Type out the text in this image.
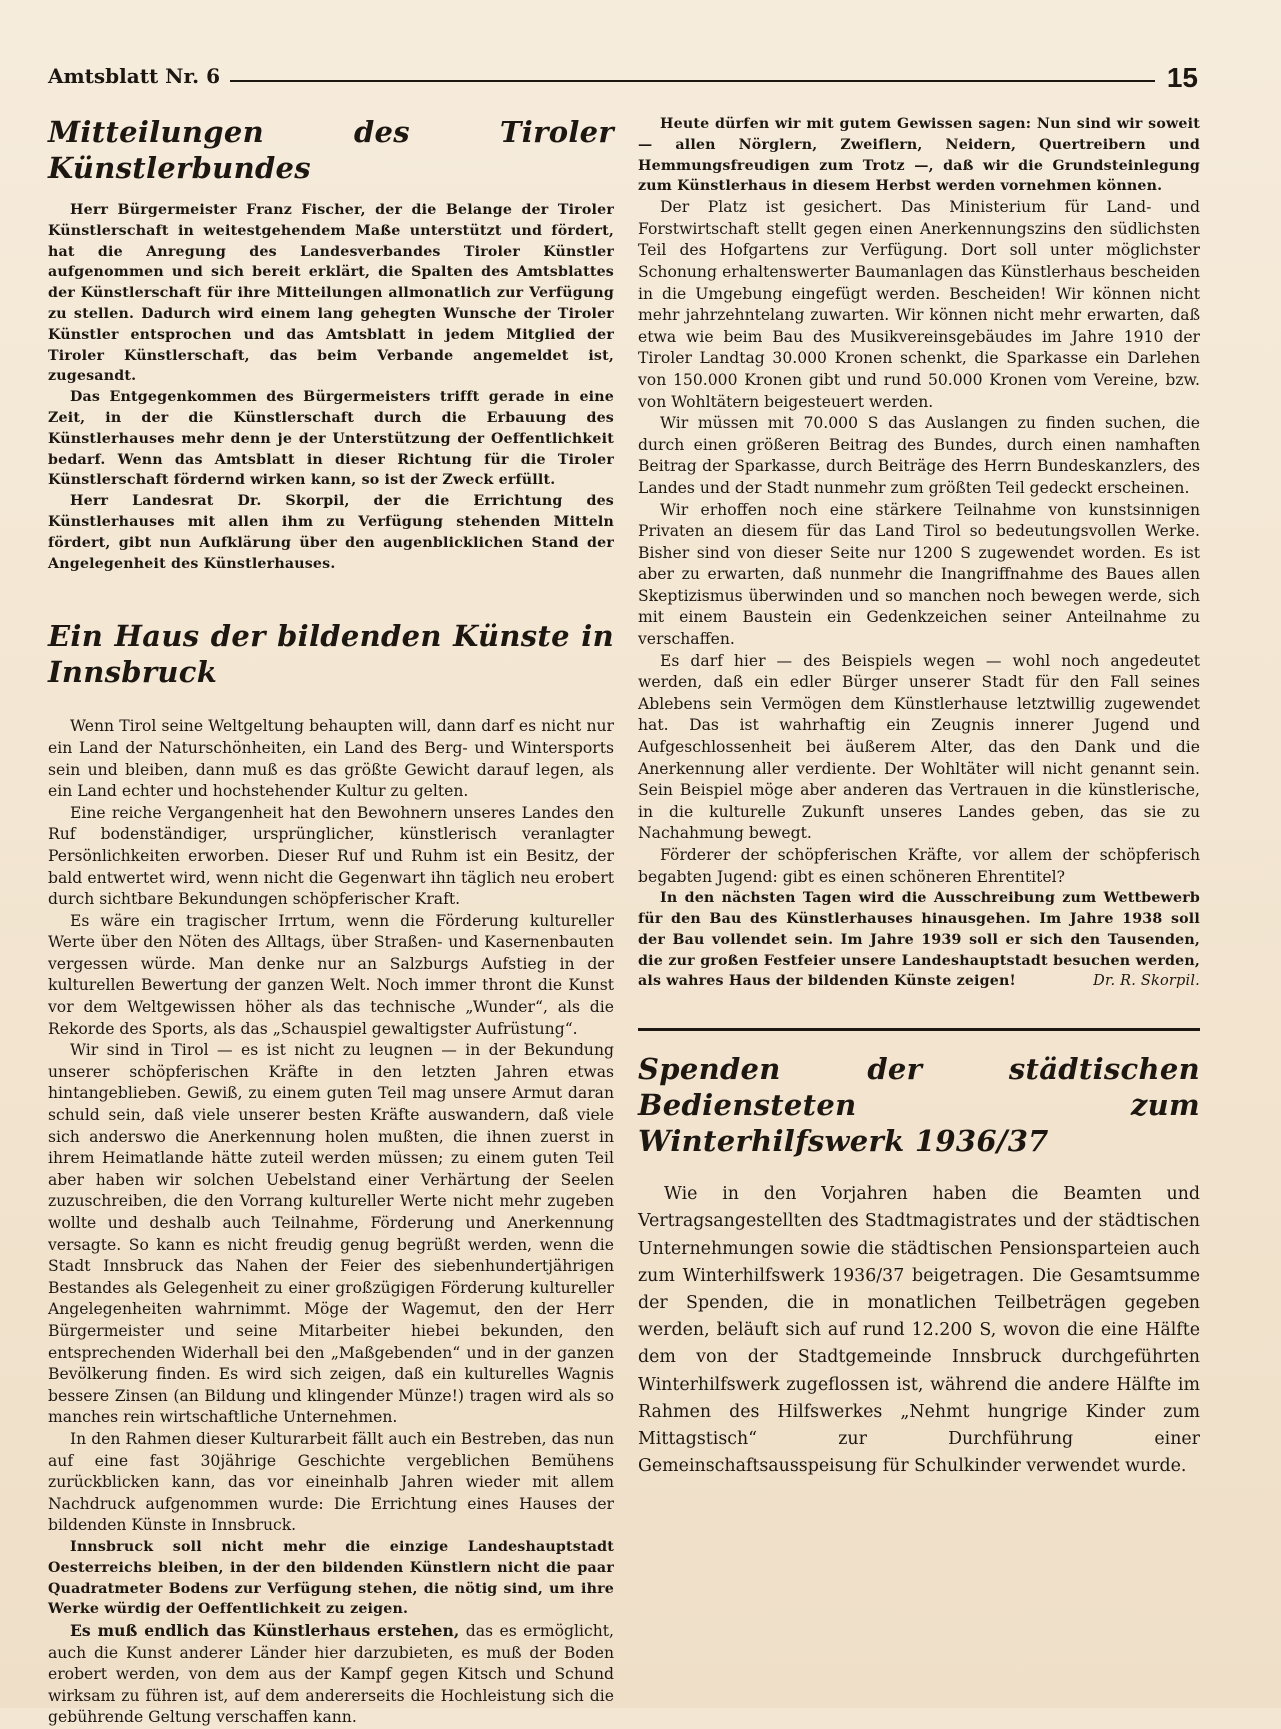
Amtsblatt Nr. 6	15
Mitteilungen des Tiroler Künstlerbundes

Herr Bürgermeister Franz Fischer, der die Belange der Tiroler Künstlerschaft in weitestgehendem Maße unterstützt und fördert, hat die Anregung des Landesverbandes Tiroler Künstler aufgenommen und sich bereit erklärt, die Spalten des Amtsblattes der Künstlerschaft für ihre Mitteilungen allmonatlich zur Verfügung zu stellen. Dadurch wird einem lang gehegten Wunsche der Tiroler Künstler entsprochen und das Amtsblatt in jedem Mitglied der Tiroler Künstlerschaft, das beim Verbande angemeldet ist, zugesandt.

Das Entgegenkommen des Bürgermeisters trifft gerade in eine Zeit, in der die Künstlerschaft durch die Erbauung des Künstlerhauses mehr denn je der Unterstützung der Oeffentlichkeit bedarf. Wenn das Amtsblatt in dieser Richtung für die Tiroler Künstlerschaft fördernd wirken kann, so ist der Zweck erfüllt.

Herr Landesrat Dr. Skorpil, der die Errichtung des Künstlerhauses mit allen ihm zu Verfügung stehenden Mitteln fördert, gibt nun Aufklärung über den augenblicklichen Stand der Angelegenheit des Künstlerhauses.

Ein Haus der bildenden Künste in Innsbruck

Wenn Tirol seine Weltgeltung behaupten will, dann darf es nicht nur ein Land der Naturschönheiten, ein Land des Berg- und Wintersports sein und bleiben, dann muß es das größte Gewicht darauf legen, als ein Land echter und hochstehender Kultur zu gelten.

Eine reiche Vergangenheit hat den Bewohnern unseres Landes den Ruf bodenständiger, ursprünglicher, künstlerisch veranlagter Persönlichkeiten erworben. Dieser Ruf und Ruhm ist ein Besitz, der bald entwertet wird, wenn nicht die Gegenwart ihn täglich neu erobert durch sichtbare Bekundungen schöpferischer Kraft.

Es wäre ein tragischer Irrtum, wenn die Förderung kultureller Werte über den Nöten des Alltags, über Straßen- und Kasernenbauten vergessen würde. Man denke nur an Salzburgs Aufstieg in der kulturellen Bewertung der ganzen Welt. Noch immer thront die Kunst vor dem Weltgewissen höher als das technische „Wunder“, als die Rekorde des Sports, als das „Schauspiel gewaltigster Aufrüstung“.

Wir sind in Tirol — es ist nicht zu leugnen — in der Bekundung unserer schöpferischen Kräfte in den letzten Jahren etwas hintangeblieben. Gewiß, zu einem guten Teil mag unsere Armut daran schuld sein, daß viele unserer besten Kräfte auswandern, daß viele sich anderswo die Anerkennung holen mußten, die ihnen zuerst in ihrem Heimatlande hätte zuteil werden müssen; zu einem guten Teil aber haben wir solchen Uebelstand einer Verhärtung der Seelen zuzuschreiben, die den Vorrang kultureller Werte nicht mehr zugeben wollte und deshalb auch Teilnahme, Förderung und Anerkennung versagte. So kann es nicht freudig genug begrüßt werden, wenn die Stadt Innsbruck das Nahen der Feier des siebenhundertjährigen Bestandes als Gelegenheit zu einer großzügigen Förderung kultureller Angelegenheiten wahrnimmt. Möge der Wagemut, den der Herr Bürgermeister und seine Mitarbeiter hiebei bekunden, den entsprechenden Widerhall bei den „Maßgebenden“ und in der ganzen Bevölkerung finden. Es wird sich zeigen, daß ein kulturelles Wagnis bessere Zinsen (an Bildung und klingender Münze!) tragen wird als so manches rein wirtschaftliche Unternehmen.

In den Rahmen dieser Kulturarbeit fällt auch ein Bestreben, das nun auf eine fast 30jährige Geschichte vergeblichen Bemühens zurückblicken kann, das vor eineinhalb Jahren wieder mit allem Nachdruck aufgenommen wurde: Die Errichtung eines Hauses der bildenden Künste in Innsbruck.

Innsbruck soll nicht mehr die einzige Landeshauptstadt Oesterreichs bleiben, in der den bildenden Künstlern nicht die paar Quadratmeter Bodens zur Verfügung stehen, die nötig sind, um ihre Werke würdig der Oeffentlichkeit zu zeigen.

Es muß endlich das Künstlerhaus erstehen, das es ermöglicht, auch die Kunst anderer Länder hier darzubieten, es muß der Boden erobert werden, von dem aus der Kampf gegen Kitsch und Schund wirksam zu führen ist, auf dem andererseits die Hochleistung sich die gebührende Geltung verschaffen kann.

Heute dürfen wir mit gutem Gewissen sagen: Nun sind wir soweit — allen Nörglern, Zweiflern, Neidern, Quertreibern und Hemmungsfreudigen zum Trotz —, daß wir die Grundsteinlegung zum Künstlerhaus in diesem Herbst werden vornehmen können.

Der Platz ist gesichert. Das Ministerium für Land- und Forstwirtschaft stellt gegen einen Anerkennungszins den südlichsten Teil des Hofgartens zur Verfügung. Dort soll unter möglichster Schonung erhaltenswerter Baumanlagen das Künstlerhaus bescheiden in die Umgebung eingefügt werden. Bescheiden! Wir können nicht mehr jahrzehntelang zuwarten. Wir können nicht mehr erwarten, daß etwa wie beim Bau des Musikvereinsgebäudes im Jahre 1910 der Tiroler Landtag 30.000 Kronen schenkt, die Sparkasse ein Darlehen von 150.000 Kronen gibt und rund 50.000 Kronen vom Vereine, bzw. von Wohltätern beigesteuert werden.

Wir müssen mit 70.000 S das Auslangen zu finden suchen, die durch einen größeren Beitrag des Bundes, durch einen namhaften Beitrag der Sparkasse, durch Beiträge des Herrn Bundeskanzlers, des Landes und der Stadt nunmehr zum größten Teil gedeckt erscheinen.

Wir erhoffen noch eine stärkere Teilnahme von kunstsinnigen Privaten an diesem für das Land Tirol so bedeutungsvollen Werke. Bisher sind von dieser Seite nur 1200 S zugewendet worden. Es ist aber zu erwarten, daß nunmehr die Inangriffnahme des Baues allen Skeptizismus überwinden und so manchen noch bewegen werde, sich mit einem Baustein ein Gedenkzeichen seiner Anteilnahme zu verschaffen.

Es darf hier — des Beispiels wegen — wohl noch angedeutet werden, daß ein edler Bürger unserer Stadt für den Fall seines Ablebens sein Vermögen dem Künstlerhause letztwillig zugewendet hat. Das ist wahrhaftig ein Zeugnis innerer Jugend und Aufgeschlossenheit bei äußerem Alter, das den Dank und die Anerkennung aller verdiente. Der Wohltäter will nicht genannt sein. Sein Beispiel möge aber anderen das Vertrauen in die künstlerische, in die kulturelle Zukunft unseres Landes geben, das sie zu Nachahmung bewegt.

Förderer der schöpferischen Kräfte, vor allem der schöpferisch begabten Jugend: gibt es einen schöneren Ehrentitel?

In den nächsten Tagen wird die Ausschreibung zum Wettbewerb für den Bau des Künstlerhauses hinausgehen. Im Jahre 1938 soll der Bau vollendet sein. Im Jahre 1939 soll er sich den Tausenden, die zur großen Festfeier unsere Landeshauptstadt besuchen werden, als wahres Haus der bildenden Künste zeigen!	Dr. R. Skorpil.

Spenden der städtischen Bediensteten zum Winterhilfswerk 1936/37

Wie in den Vorjahren haben die Beamten und Vertragsangestellten des Stadtmagistrates und der städtischen Unternehmungen sowie die städtischen Pensionsparteien auch zum Winterhilfswerk 1936/37 beigetragen. Die Gesamtsumme der Spenden, die in monatlichen Teilbeträgen gegeben werden, beläuft sich auf rund 12.200 S, wovon die eine Hälfte dem von der Stadtgemeinde Innsbruck durchgeführten Winterhilfswerk zugeflossen ist, während die andere Hälfte im Rahmen des Hilfswerkes „Nehmt hungrige Kinder zum Mittagstisch“ zur Durchführung einer Gemeinschaftsausspeisung für Schulkinder verwendet wurde.
